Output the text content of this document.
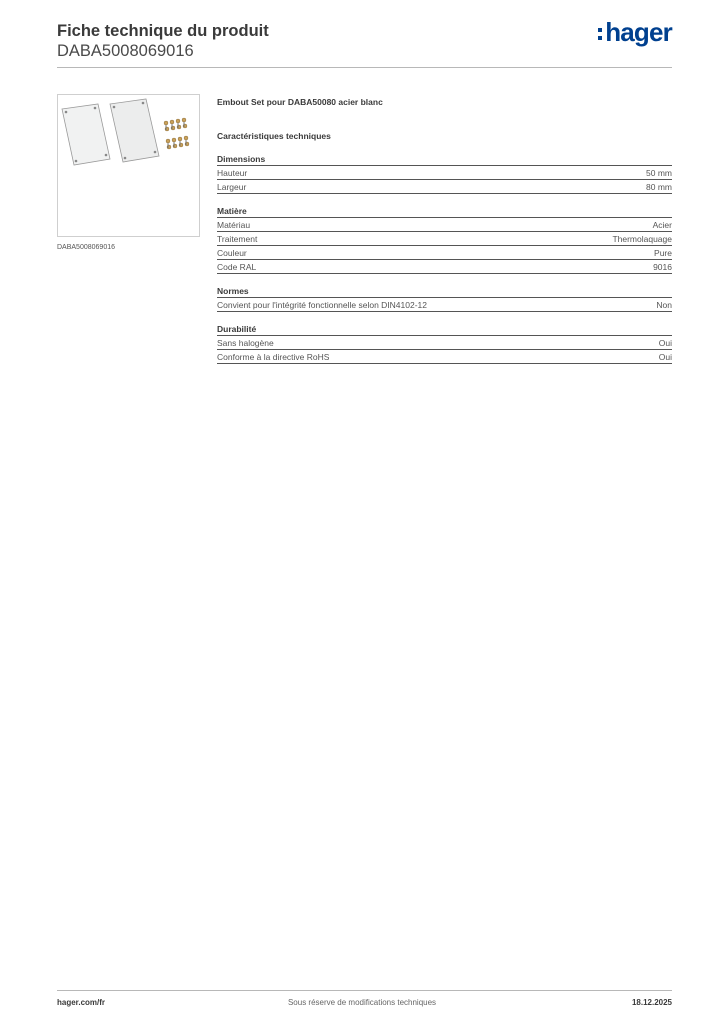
Fiche technique du produit
DABA5008069016
hager
DABA5008069016
Embout Set pour DABA50080 acier blanc
Caractéristiques techniques
Dimensions
Hauteur	50 mm
Largeur	80 mm
Matière
Matériau	Acier
Traitement	Thermolaquage
Couleur	Pure
Code RAL	9016
Normes
Convient pour l'intégrité fonctionnelle selon DIN4102-12	Non
Durabilité
Sans halogène	Oui
Conforme à la directive RoHS	Oui
hager.com/fr	Sous réserve de modifications techniques	18.12.2025
